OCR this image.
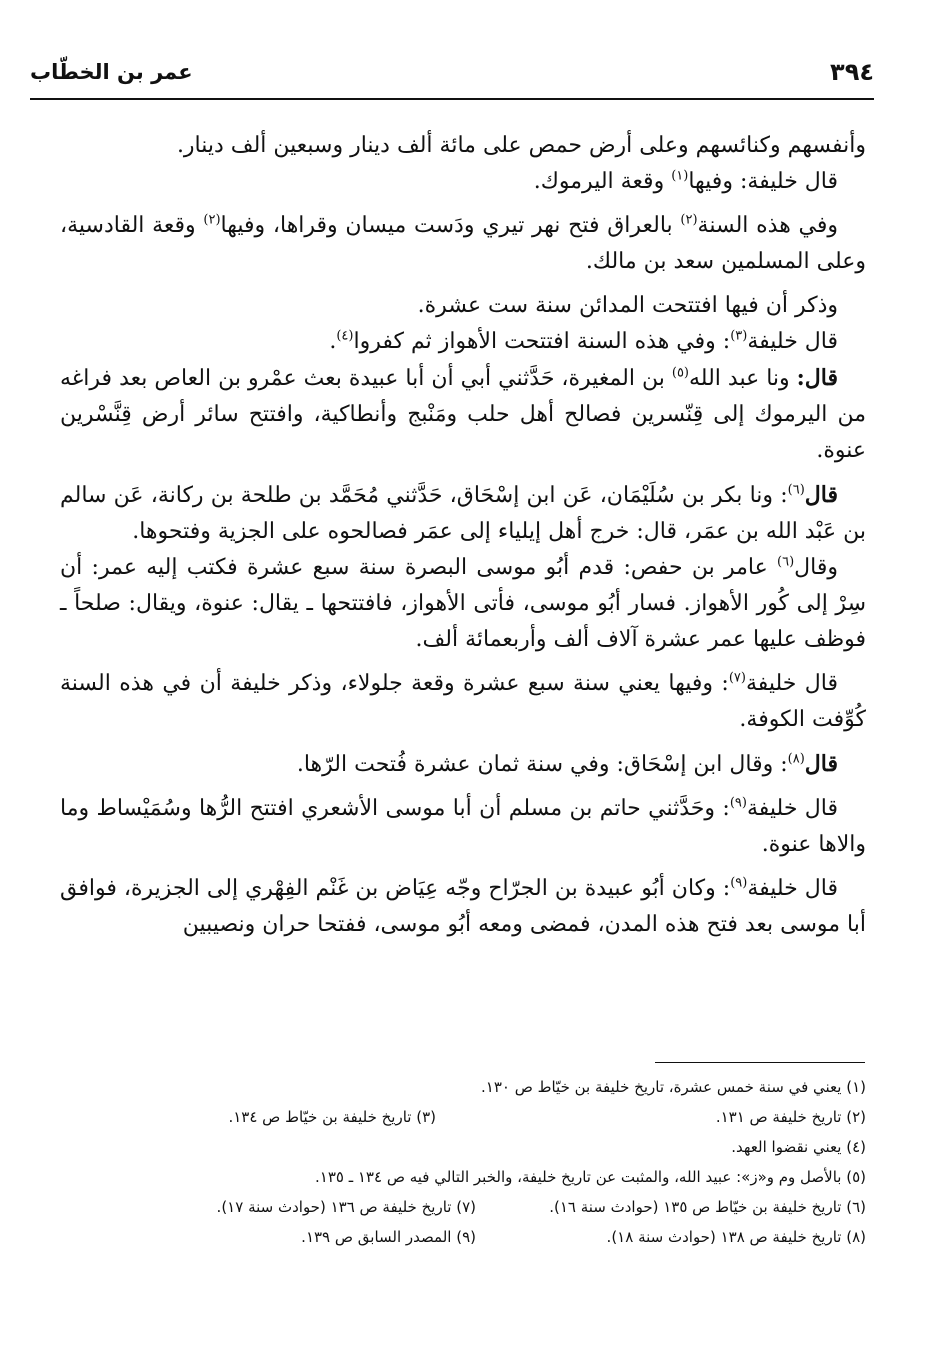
٣٩٤
عمر بن الخطّاب

وأنفسهم وكنائسهم وعلى أرض حمص على مائة ألف دينار وسبعين ألف دينار.

قال خليفة: وفيها$^{(١)}$ وقعة اليرموك.

وفي هذه السنة$^{(٢)}$ بالعراق فتح نهر تيري ودَست ميسان وقراها، وفيها$^{(٢)}$ وقعة القادسية، وعلى المسلمين سعد بن مالك.

وذكر أن فيها افتتحت المدائن سنة ست عشرة.

قال خليفة$^{(٣)}$: وفي هذه السنة افتتحت الأهواز ثم كفروا$^{(٤)}$.

قال: ونا عبد الله$^{(٥)}$ بن المغيرة، حَدَّثني أبي أن أبا عبيدة بعث عمْرو بن العاص بعد فراغه من اليرموك إلى قِنّسرين فصالح أهل حلب ومَنْبج وأنطاكية، وافتتح سائر أرض قِنَّسْرين عنوة.

قال$^{(٦)}$: ونا بكر بن سُلَيْمَان، عَن ابن إسْحَاق، حَدَّثني مُحَمَّد بن طلحة بن ركانة، عَن سالم بن عَبْد الله بن عمَر، قال: خرج أهل إيلياء إلى عمَر فصالحوه على الجزية وفتحوها.

وقال$^{(٦)}$ عامر بن حفص: قدم أبُو موسى البصرة سنة سبع عشرة فكتب إليه عمر: أن سِرْ إلى كُور الأهواز. فسار أبُو موسى، فأتى الأهواز، فافتتحها ـ يقال: عنوة، ويقال: صلحاً ـ فوظف عليها عمر عشرة آلاف ألف وأربعمائة ألف.

قال خليفة$^{(٧)}$: وفيها يعني سنة سبع عشرة وقعة جلولاء، وذكر خليفة أن في هذه السنة كُوِّفت الكوفة.

قال$^{(٨)}$: وقال ابن إسْحَاق: وفي سنة ثمان عشرة فُتحت الرّها.

قال خليفة$^{(٩)}$: وحَدَّثني حاتم بن مسلم أن أبا موسى الأشعري افتتح الرُّها وسُمَيْساط وما والاها عنوة.

قال خليفة$^{(٩)}$: وكان أبُو عبيدة بن الجرّاح وجّه عِيَاض بن غَنْم الفِهْري إلى الجزيرة، فوافق أبا موسى بعد فتح هذه المدن، فمضى ومعه أبُو موسى، ففتحا حران ونصيبين

(١) يعني في سنة خمس عشرة، تاريخ خليفة بن خيّاط ص ١٣٠.
(٢) تاريخ خليفة ص ١٣١.
(٣) تاريخ خليفة بن خيّاط ص ١٣٤.
(٤) يعني نقضوا العهد.
(٥) بالأصل وم و«ز»: عبيد الله، والمثبت عن تاريخ خليفة، والخبر التالي فيه ص ١٣٤ ـ ١٣٥.
(٦) تاريخ خليفة بن خيّاط ص ١٣٥ (حوادث سنة ١٦).
(٧) تاريخ خليفة ص ١٣٦ (حوادث سنة ١٧).
(٨) تاريخ خليفة ص ١٣٨ (حوادث سنة ١٨).
(٩) المصدر السابق ص ١٣٩.
